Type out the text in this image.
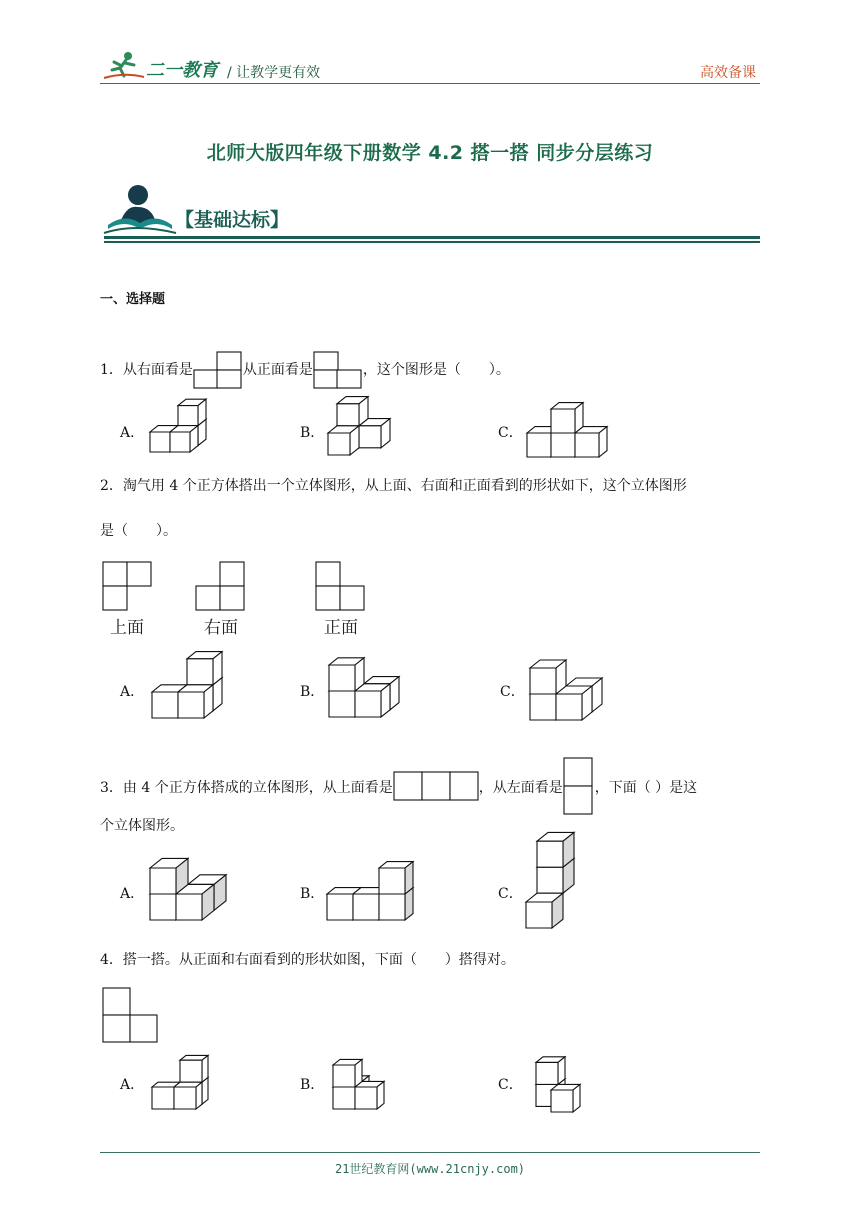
二一教育 / 让教学更有效	高效备课
北师大版四年级下册数学 4.2 搭一搭 同步分层练习
【基础达标】
一、选择题
1．从右面看是	从正面看是	，这个图形是（　　）。
A．	B．	C．
2．淘气用 4 个正方体搭出一个立体图形，从上面、右面和正面看到的形状如下，这个立体图形
是（　　）。
上面	右面	正面
A．	B．	C．
3．由 4 个正方体搭成的立体图形，从上面看是	，从左面看是 ，下面（ ）是这
个立体图形。
A．	B．	C．
4．搭一搭。从正面和右面看到的形状如图，下面（　　）搭得对。
A．	B．	C．
21世纪教育网(www.21cnjy.com)
